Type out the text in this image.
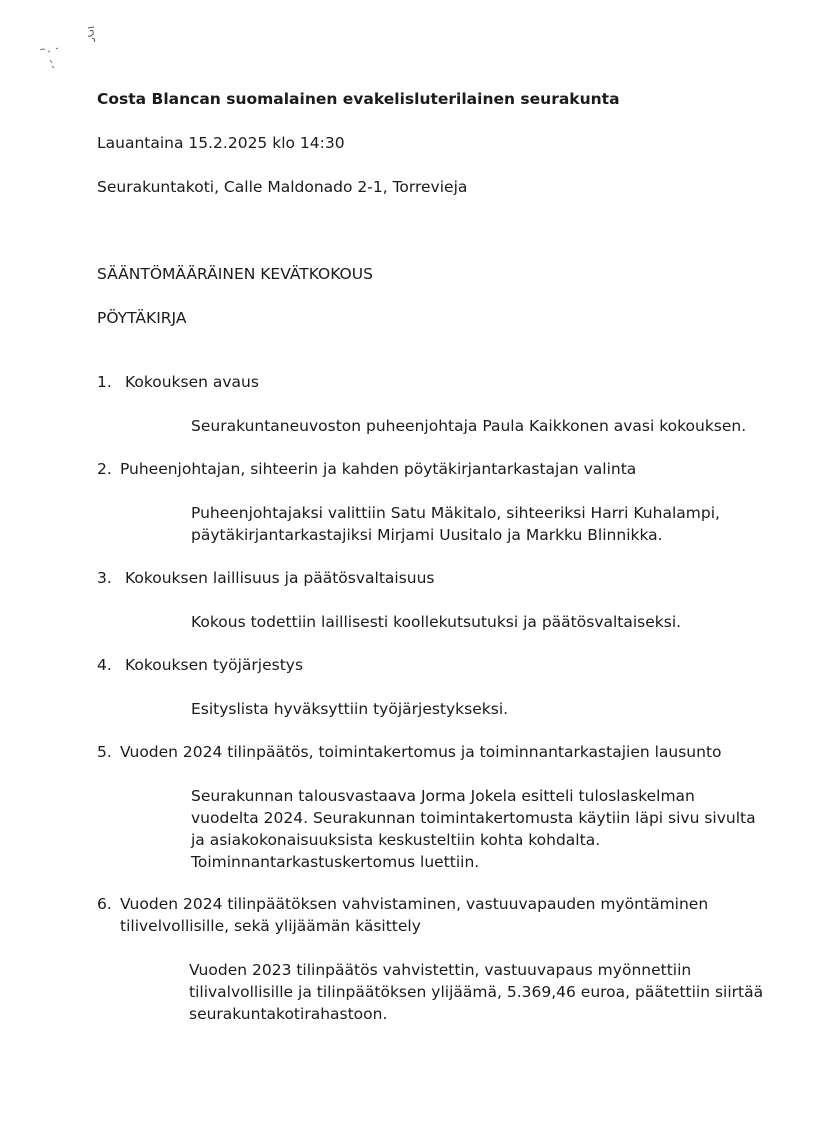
Costa Blancan suomalainen evakelisluterilainen seurakunta

Lauantaina 15.2.2025 klo 14:30

Seurakuntakoti, Calle Maldonado 2-1, Torrevieja

SÄÄNTÖMÄÄRÄINEN KEVÄTKOKOUS

PÖYTÄKIRJA

1. Kokouksen avaus
Seurakuntaneuvoston puheenjohtaja Paula Kaikkonen avasi kokouksen.
2. Puheenjohtajan, sihteerin ja kahden pöytäkirjantarkastajan valinta
Puheenjohtajaksi valittiin Satu Mäkitalo, sihteeriksi Harri Kuhalampi,
päytäkirjantarkastajiksi Mirjami Uusitalo ja Markku Blinnikka.
3. Kokouksen laillisuus ja päätösvaltaisuus
Kokous todettiin laillisesti koollekutsutuksi ja päätösvaltaiseksi.
4. Kokouksen työjärjestys
Esityslista hyväksyttiin työjärjestykseksi.
5. Vuoden 2024 tilinpäätös, toimintakertomus ja toiminnantarkastajien lausunto
Seurakunnan talousvastaava Jorma Jokela esitteli tuloslaskelman
vuodelta 2024. Seurakunnan toimintakertomusta käytiin läpi sivu sivulta
ja asiakokonaisuuksista keskusteltiin kohta kohdalta.
Toiminnantarkastuskertomus luettiin.
6. Vuoden 2024 tilinpäätöksen vahvistaminen, vastuuvapauden myöntäminen
tilivelvollisille, sekä ylijäämän käsittely
Vuoden 2023 tilinpäätös vahvistettin, vastuuvapaus myönnettiin
tilivalvollisille ja tilinpäätöksen ylijäämä, 5.369,46 euroa, päätettiin siirtää
seurakuntakotirahastoon.
